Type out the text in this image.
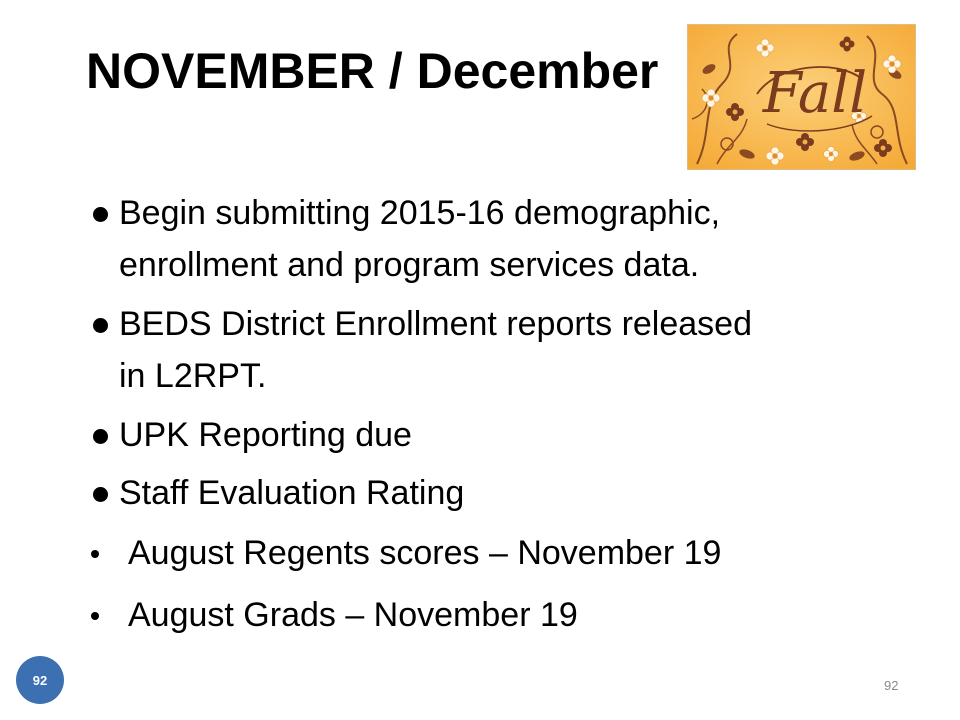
NOVEMBER / December Fall
Begin submitting 2015-16 demographic,
enrollment and program services data.
BEDS District Enrollment reports released
in L2RPT.
UPK Reporting due
Staff Evaluation Rating
August Regents scores – November 19
August Grads – November 19
92	92
